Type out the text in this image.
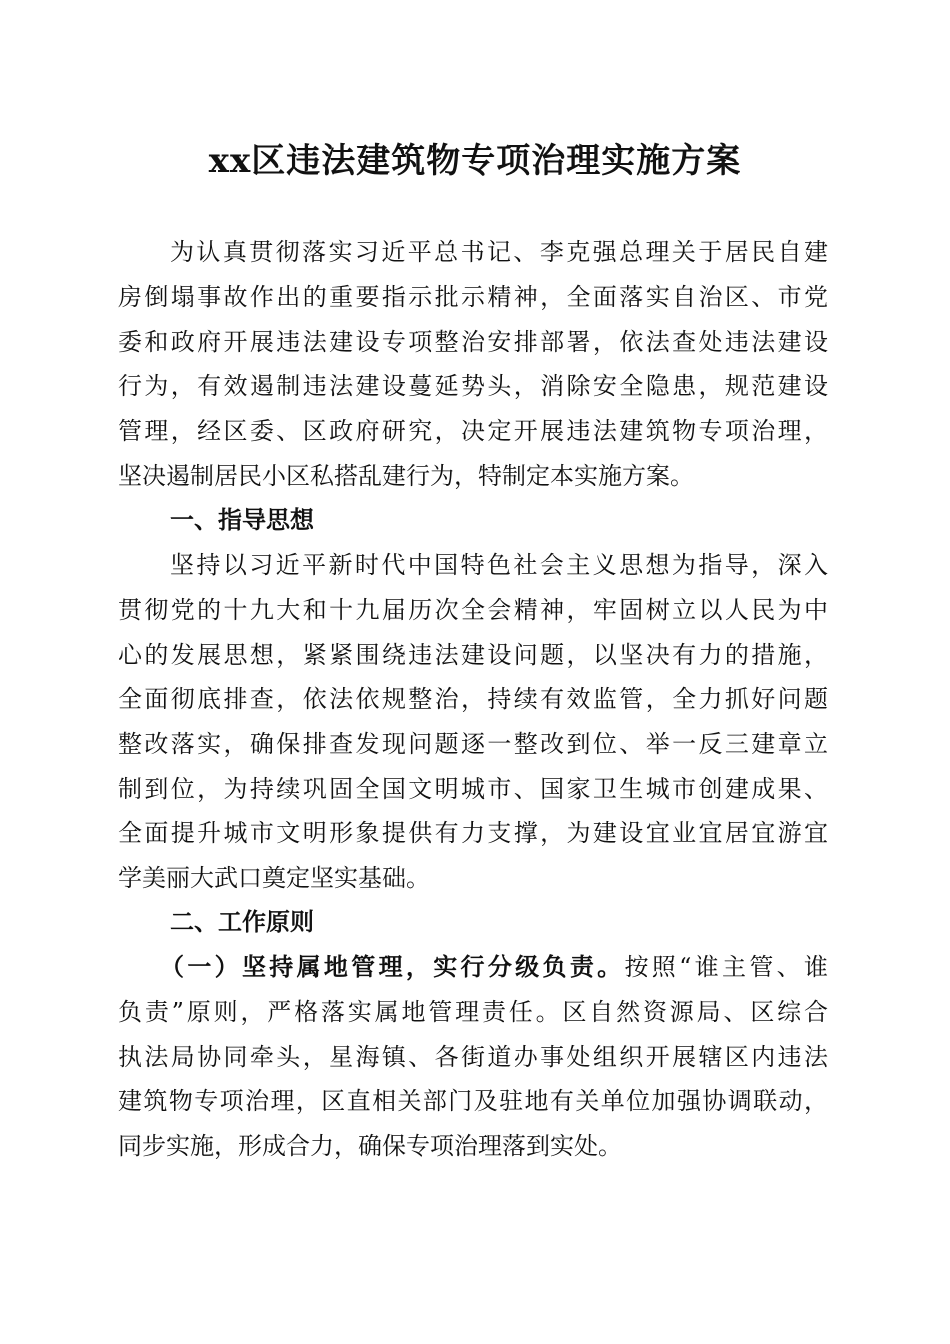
xx区违法建筑物专项治理实施方案
为认真贯彻落实习近平总书记、李克强总理关于居民自建
房倒塌事故作出的重要指示批示精神，全面落实自治区、市党
委和政府开展违法建设专项整治安排部署，依法查处违法建设
行为，有效遏制违法建设蔓延势头，消除安全隐患，规范建设
管理，经区委、区政府研究，决定开展违法建筑物专项治理，
坚决遏制居民小区私搭乱建行为，特制定本实施方案。
一、指导思想
坚持以习近平新时代中国特色社会主义思想为指导，深入
贯彻党的十九大和十九届历次全会精神，牢固树立以人民为中
心的发展思想，紧紧围绕违法建设问题，以坚决有力的措施，
全面彻底排查，依法依规整治，持续有效监管，全力抓好问题
整改落实，确保排查发现问题逐一整改到位、举一反三建章立
制到位，为持续巩固全国文明城市、国家卫生城市创建成果、
全面提升城市文明形象提供有力支撑，为建设宜业宜居宜游宜
学美丽大武口奠定坚实基础。
二、工作原则
（一）坚持属地管理，实行分级负责。按照“谁主管、谁
负责”原则，严格落实属地管理责任。区自然资源局、区综合
执法局协同牵头，星海镇、各街道办事处组织开展辖区内违法
建筑物专项治理，区直相关部门及驻地有关单位加强协调联动，
同步实施，形成合力，确保专项治理落到实处。
